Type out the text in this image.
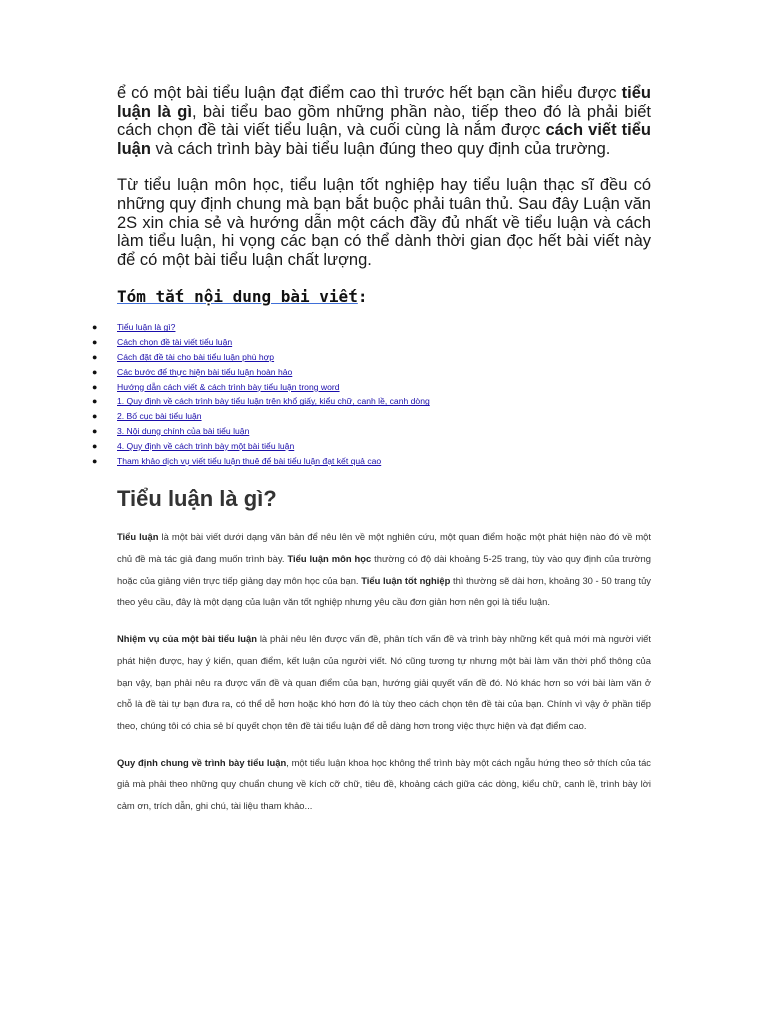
ể có một bài tiểu luận đạt điểm cao thì trước hết bạn cần hiểu được tiểu luận là gì, bài tiểu bao gồm những phần nào, tiếp theo đó là phải biết cách chọn đề tài viết tiểu luận, và cuối cùng là nắm được cách viết tiểu luận và cách trình bày bài tiểu luận đúng theo quy định của trường.

Từ tiểu luận môn học, tiểu luận tốt nghiệp hay tiểu luận thạc sĩ đều có những quy định chung mà bạn bắt buộc phải tuân thủ. Sau đây Luận văn 2S xin chia sẻ và hướng dẫn một cách đầy đủ nhất về tiểu luận và cách làm tiểu luận, hi vọng các bạn có thể dành thời gian đọc hết bài viết này để có một bài tiểu luận chất lượng.

Tóm tắt nội dung bài viết:
● Tiểu luận là gì?
● Cách chọn đề tài viết tiểu luận
● Cách đặt đề tài cho bài tiểu luận phù hợp
● Các bước để thực hiện bài tiểu luận hoàn hảo
● Hướng dẫn cách viết & cách trình bày tiểu luận trong word
● 1. Quy định về cách trình bày tiểu luận trên khổ giấy, kiểu chữ, canh lề, canh dòng
● 2. Bố cục bài tiểu luận
● 3. Nội dung chính của bài tiểu luận
● 4. Quy định về cách trình bày một bài tiểu luận
● Tham khảo dịch vụ viết tiểu luận thuê để bài tiểu luận đạt kết quả cao
Tiểu luận là gì?

Tiểu luận là một bài viết dưới dạng văn bản để nêu lên về một nghiên cứu, một quan điểm hoặc một phát hiện nào đó về một chủ đề mà tác giả đang muốn trình bày. Tiểu luận môn học thường có độ dài khoảng 5-25 trang, tùy vào quy định của trường hoặc của giảng viên trực tiếp giảng dạy môn học của bạn. Tiểu luận tốt nghiệp thì thường sẽ dài hơn, khoảng 30 - 50 trang tủy theo yêu cầu, đây là một dạng của luận văn tốt nghiệp nhưng yêu cầu đơn giản hơn nên gọi là tiểu luận.

Nhiệm vụ của một bài tiểu luận là phải nêu lên được vấn đề, phân tích vấn đề và trình bày những kết quả mới mà người viết phát hiện được, hay ý kiến, quan điểm, kết luận của người viết. Nó cũng tương tự nhưng một bài làm văn thời phổ thông của bạn vậy, bạn phải nêu ra được vấn đề và quan điểm của bạn, hướng giải quyết vấn đề đó. Nó khác hơn so với bài làm văn ở chỗ là đề tài tự bạn đưa ra, có thể dễ hơn hoặc khó hơn đó là tùy theo cách chọn tên đề tài của bạn. Chính vì vậy ở phần tiếp theo, chúng tôi có chia sẻ bí quyết chọn tên đề tài tiểu luận để dễ dàng hơn trong việc thực hiện và đạt điểm cao.

Quy định chung về trình bày tiểu luận, một tiểu luận khoa học không thể trình bày một cách ngẫu hứng theo sở thích của tác giả mà phải theo những quy chuẩn chung về kích cỡ chữ, tiêu đề, khoảng cách giữa các dòng, kiểu chữ, canh lề, trình bày lời cảm ơn, trích dẫn, ghi chú, tài liệu tham khảo...
